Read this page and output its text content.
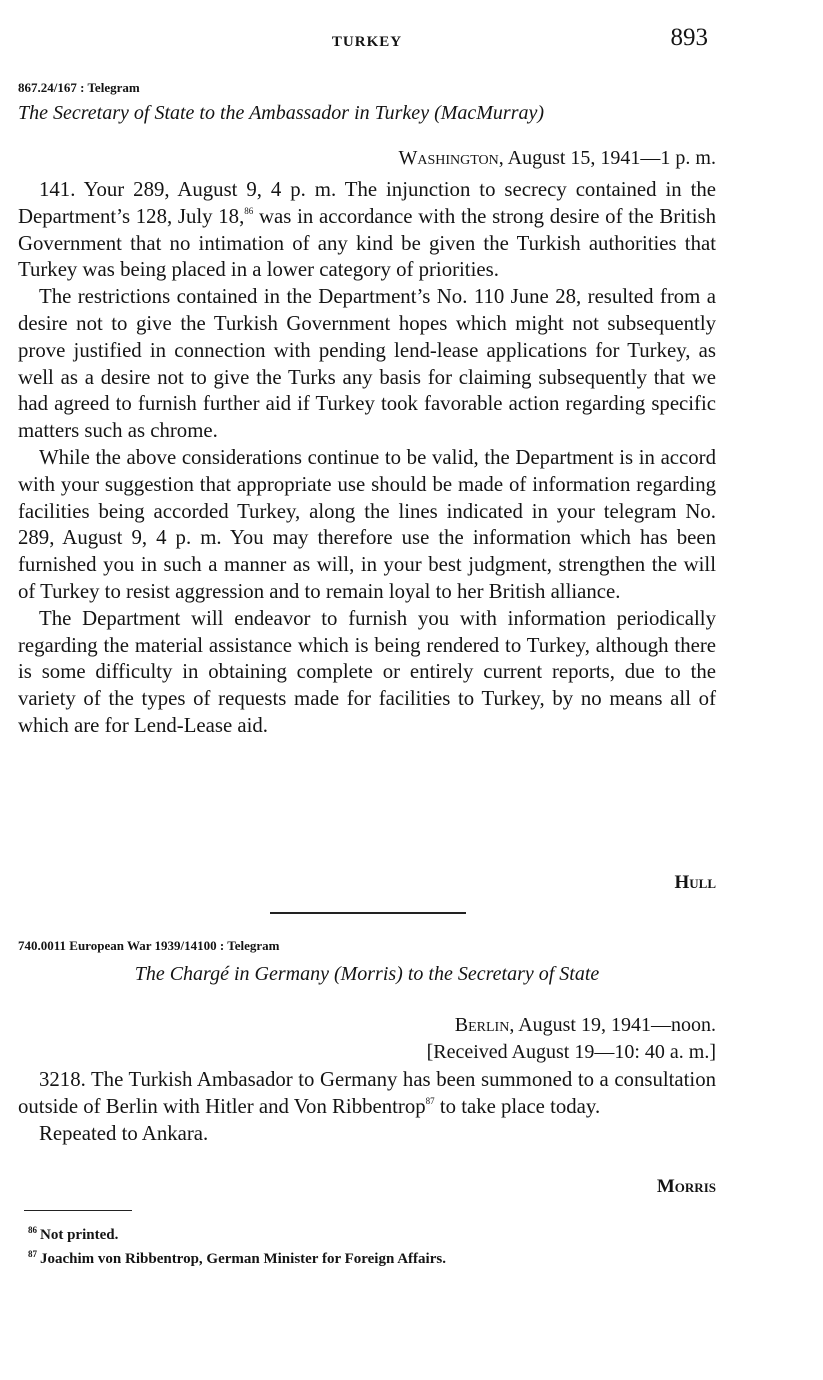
TURKEY	893
867.24/167 : Telegram
The Secretary of State to the Ambassador in Turkey (MacMurray)
Washington, August 15, 1941—1 p. m.

141. Your 289, August 9, 4 p. m. The injunction to secrecy contained in the Department’s 128, July 18,86 was in accordance with the strong desire of the British Government that no intimation of any kind be given the Turkish authorities that Turkey was being placed in a lower category of priorities.

The restrictions contained in the Department’s No. 110 June 28, resulted from a desire not to give the Turkish Government hopes which might not subsequently prove justified in connection with pending lend-lease applications for Turkey, as well as a desire not to give the Turks any basis for claiming subsequently that we had agreed to furnish further aid if Turkey took favorable action regarding specific matters such as chrome.

While the above considerations continue to be valid, the Department is in accord with your suggestion that appropriate use should be made of information regarding facilities being accorded Turkey, along the lines indicated in your telegram No. 289, August 9, 4 p. m. You may therefore use the information which has been furnished you in such a manner as will, in your best judgment, strengthen the will of Turkey to resist aggression and to remain loyal to her British alliance.

The Department will endeavor to furnish you with information periodically regarding the material assistance which is being rendered to Turkey, although there is some difficulty in obtaining complete or entirely current reports, due to the variety of the types of requests made for facilities to Turkey, by no means all of which are for Lend-Lease aid.

Hull
740.0011 European War 1939/14100 : Telegram
The Chargé in Germany (Morris) to the Secretary of State
Berlin, August 19, 1941—noon.
[Received August 19—10: 40 a. m.]

3218. The Turkish Ambasador to Germany has been summoned to a consultation outside of Berlin with Hitler and Von Ribbentrop$^{87}$ to take place today.

Repeated to Ankara.

Morris
$^{86}$ Not printed.
$^{87}$ Joachim von Ribbentrop, German Minister for Foreign Affairs.
